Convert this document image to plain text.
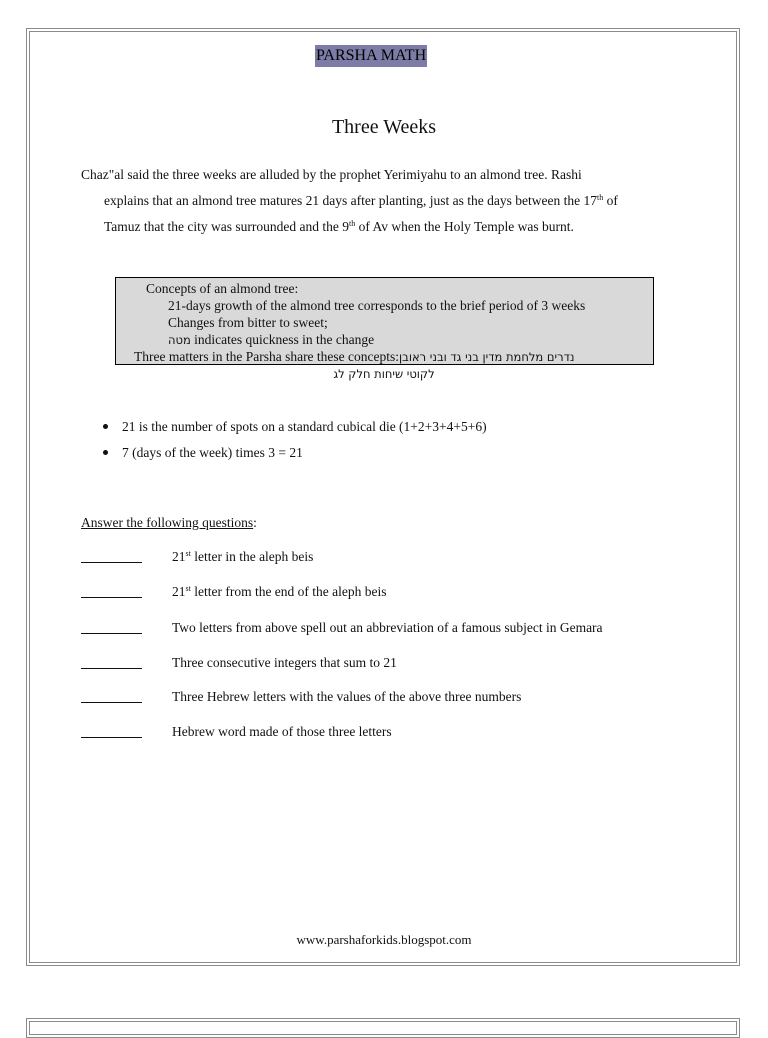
PARSHA MATH
Three Weeks
Chaz"al said the three weeks are alluded by the prophet Yerimiyahu to an almond tree. Rashi
explains that an almond tree matures 21 days after planting, just as the days between the 17th of
Tamuz that the city was surrounded and the 9th of Av when the Holy Temple was burnt.
Concepts of an almond tree:
21-days growth of the almond tree corresponds to the brief period of 3 weeks
Changes from bitter to sweet;
מטה indicates quickness in the change
Three matters in the Parsha share these concepts:נדרים מלחמת מדין בני גד ובני ראובן
לקוטי שיחות חלק לג
21 is the number of spots on a standard cubical die (1+2+3+4+5+6)
7 (days of the week) times 3 = 21
Answer the following questions:
21st letter in the aleph beis
21st letter from the end of the aleph beis
Two letters from above spell out an abbreviation of a famous subject in Gemara
Three consecutive integers that sum to 21
Three Hebrew letters with the values of the above three numbers
Hebrew word made of those three letters
www.parshaforkids.blogspot.com
